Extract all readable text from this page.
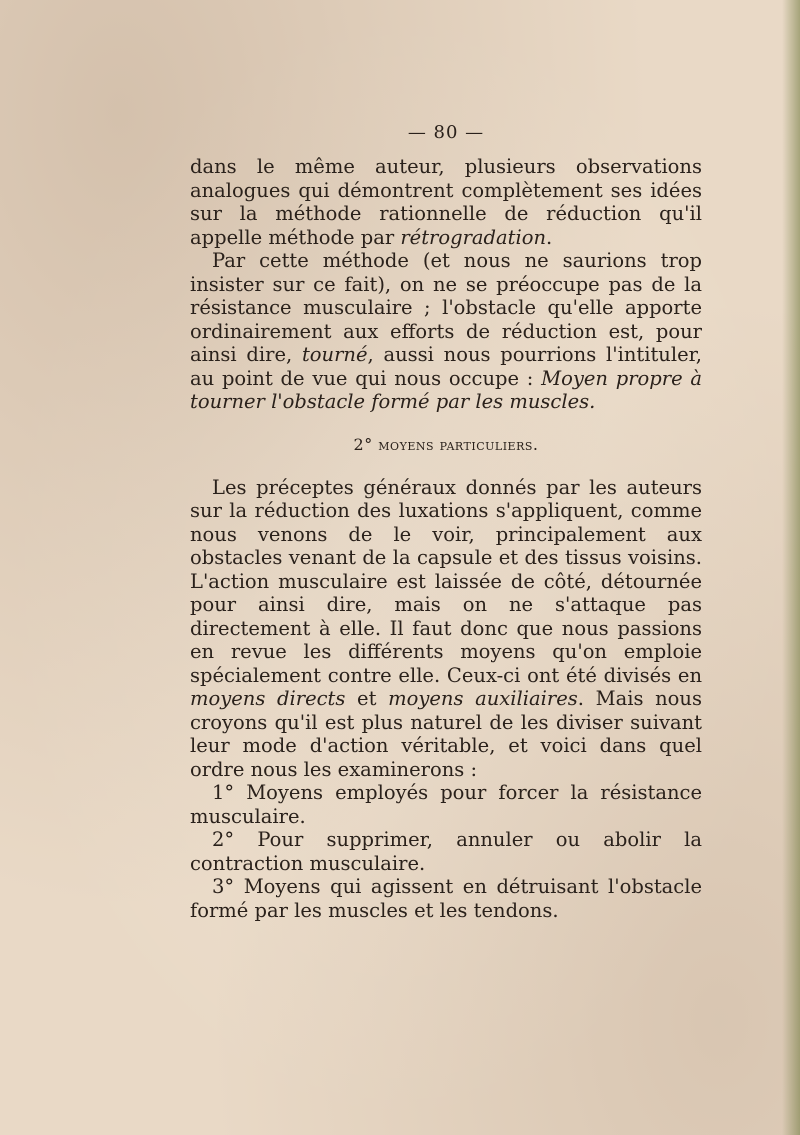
— 80 —

dans le même auteur, plusieurs observations analogues qui démontrent complètement ses idées sur la méthode rationnelle de réduction qu'il appelle méthode par rétrogradation.

Par cette méthode (et nous ne saurions trop insister sur ce fait), on ne se préoccupe pas de la résistance musculaire ; l'obstacle qu'elle apporte ordinairement aux efforts de réduction est, pour ainsi dire, tourné, aussi nous pourrions l'intituler, au point de vue qui nous occupe : Moyen propre à tourner l'obstacle formé par les muscles.

2° moyens particuliers.

Les préceptes généraux donnés par les auteurs sur la réduction des luxations s'appliquent, comme nous venons de le voir, principalement aux obstacles venant de la capsule et des tissus voisins. L'action musculaire est laissée de côté, détournée pour ainsi dire, mais on ne s'attaque pas directement à elle. Il faut donc que nous passions en revue les différents moyens qu'on emploie spécialement contre elle. Ceux-ci ont été divisés en moyens directs et moyens auxiliaires. Mais nous croyons qu'il est plus naturel de les diviser suivant leur mode d'action véritable, et voici dans quel ordre nous les examinerons :

1° Moyens employés pour forcer la résistance musculaire.

2° Pour supprimer, annuler ou abolir la contraction musculaire.

3° Moyens qui agissent en détruisant l'obstacle formé par les muscles et les tendons.
